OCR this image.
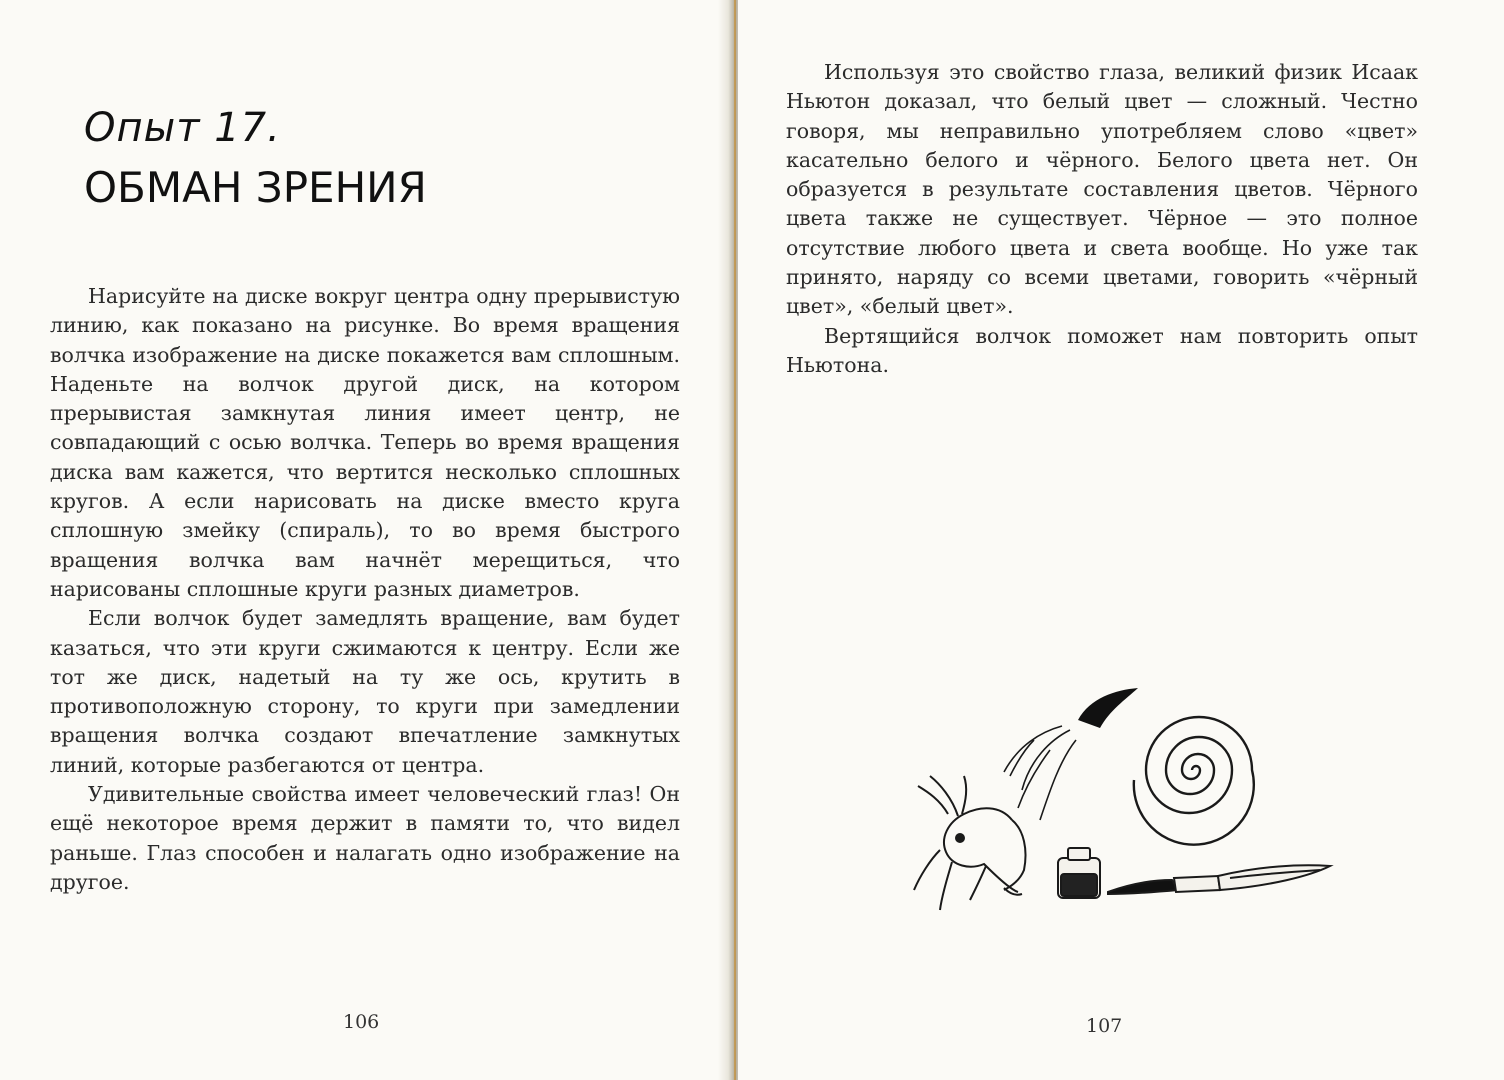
Опыт 17.
ОБМАН ЗРЕНИЯ

Нарисуйте на диске вокруг центра одну прерывистую линию, как показано на рисунке. Во время вращения волчка изображение на диске покажется вам сплошным. Наденьте на волчок другой диск, на котором прерывистая замкнутая линия имеет центр, не совпадающий с осью волчка. Теперь во время вращения диска вам кажется, что вертится несколько сплошных кругов. А если нарисовать на диске вместо круга сплошную змейку (спираль), то во время быстрого вращения волчка вам начнёт мерещиться, что нарисованы сплошные круги разных диаметров.

Если волчок будет замедлять вращение, вам будет казаться, что эти круги сжимаются к центру. Если же тот же диск, надетый на ту же ось, крутить в противоположную сторону, то круги при замедлении вращения волчка создают впечатление замкнутых линий, которые разбегаются от центра.

Удивительные свойства имеет человеческий глаз! Он ещё некоторое время держит в памяти то, что видел раньше. Глаз способен и налагать одно изображение на другое.

106

Используя это свойство глаза, великий физик Исаак Ньютон доказал, что белый цвет — сложный. Честно говоря, мы неправильно употребляем слово «цвет» касательно белого и чёрного. Белого цвета нет. Он образуется в результате составления цветов. Чёрного цвета также не существует. Чёрное — это полное отсутствие любого цвета и света вообще. Но уже так принято, наряду со всеми цветами, говорить «чёрный цвет», «белый цвет».

Вертящийся волчок поможет нам повторить опыт Ньютона.

107
